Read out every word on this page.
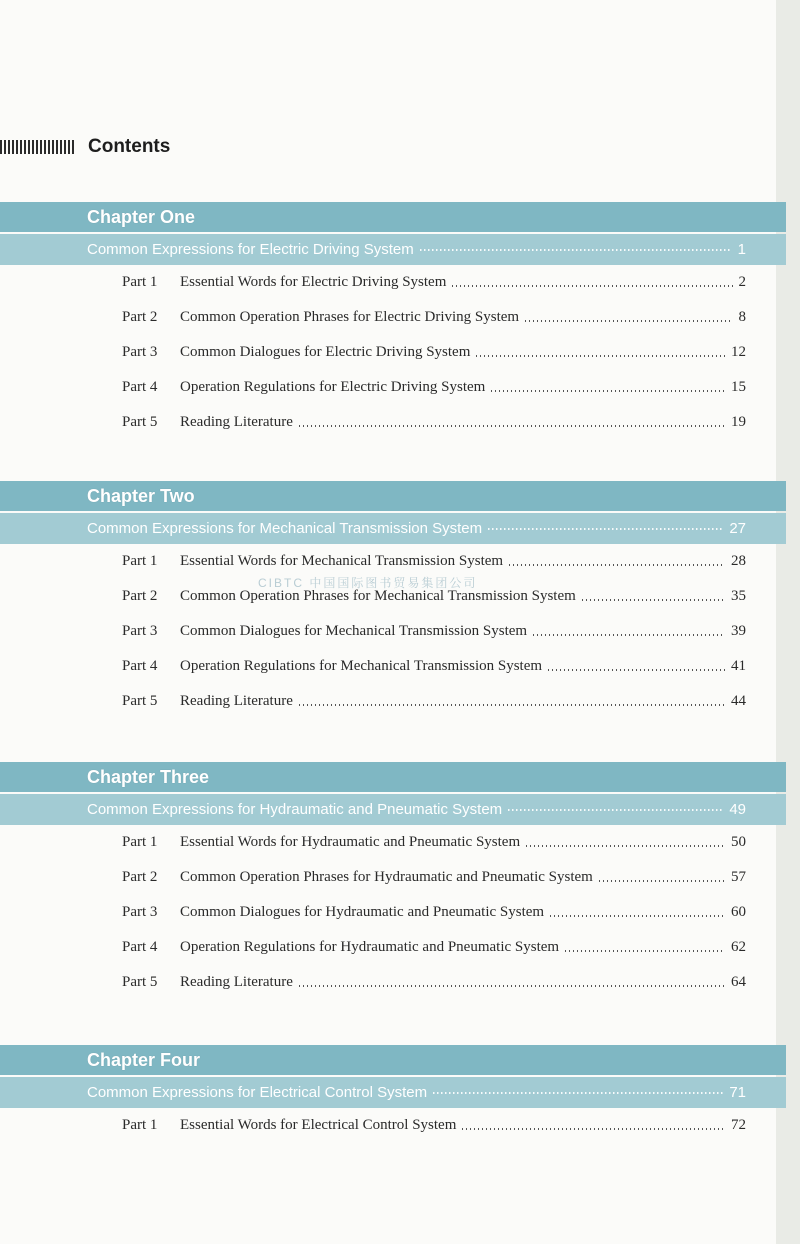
Contents
Chapter One
Common Expressions for Electric Driving System	1
Part 1	Essential Words for Electric Driving System	2
Part 2	Common Operation Phrases for Electric Driving System	8
Part 3	Common Dialogues for Electric Driving System	12
Part 4	Operation Regulations for Electric Driving System	15
Part 5	Reading Literature	19
Chapter Two
Common Expressions for Mechanical Transmission System	27
Part 1	Essential Words for Mechanical Transmission System	28
Part 2	Common Operation Phrases for Mechanical Transmission System	35
Part 3	Common Dialogues for Mechanical Transmission System	39
Part 4	Operation Regulations for Mechanical Transmission System	41
Part 5	Reading Literature	44
Chapter Three
Common Expressions for Hydraumatic and Pneumatic System	49
Part 1	Essential Words for Hydraumatic and Pneumatic System	50
Part 2	Common Operation Phrases for Hydraumatic and Pneumatic System	57
Part 3	Common Dialogues for Hydraumatic and Pneumatic System	60
Part 4	Operation Regulations for Hydraumatic and Pneumatic System	62
Part 5	Reading Literature	64
Chapter Four
Common Expressions for Electrical Control System	71
Part 1	Essential Words for Electrical Control System	72
CIBTC 中国国际图书贸易集团公司
